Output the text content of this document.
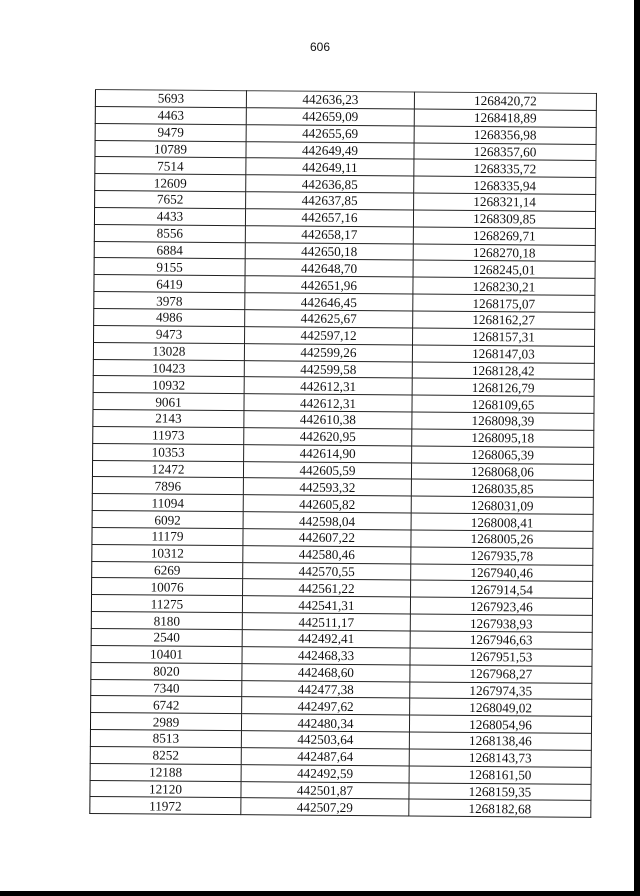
606
5693	442636,23	1268420,72
4463	442659,09	1268418,89
9479	442655,69	1268356,98
10789	442649,49	1268357,60
7514	442649,11	1268335,72
12609	442636,85	1268335,94
7652	442637,85	1268321,14
4433	442657,16	1268309,85
8556	442658,17	1268269,71
6884	442650,18	1268270,18
9155	442648,70	1268245,01
6419	442651,96	1268230,21
3978	442646,45	1268175,07
4986	442625,67	1268162,27
9473	442597,12	1268157,31
13028	442599,26	1268147,03
10423	442599,58	1268128,42
10932	442612,31	1268126,79
9061	442612,31	1268109,65
2143	442610,38	1268098,39
11973	442620,95	1268095,18
10353	442614,90	1268065,39
12472	442605,59	1268068,06
7896	442593,32	1268035,85
11094	442605,82	1268031,09
6092	442598,04	1268008,41
11179	442607,22	1268005,26
10312	442580,46	1267935,78
6269	442570,55	1267940,46
10076	442561,22	1267914,54
11275	442541,31	1267923,46
8180	442511,17	1267938,93
2540	442492,41	1267946,63
10401	442468,33	1267951,53
8020	442468,60	1267968,27
7340	442477,38	1267974,35
6742	442497,62	1268049,02
2989	442480,34	1268054,96
8513	442503,64	1268138,46
8252	442487,64	1268143,73
12188	442492,59	1268161,50
12120	442501,87	1268159,35
11972	442507,29	1268182,68
